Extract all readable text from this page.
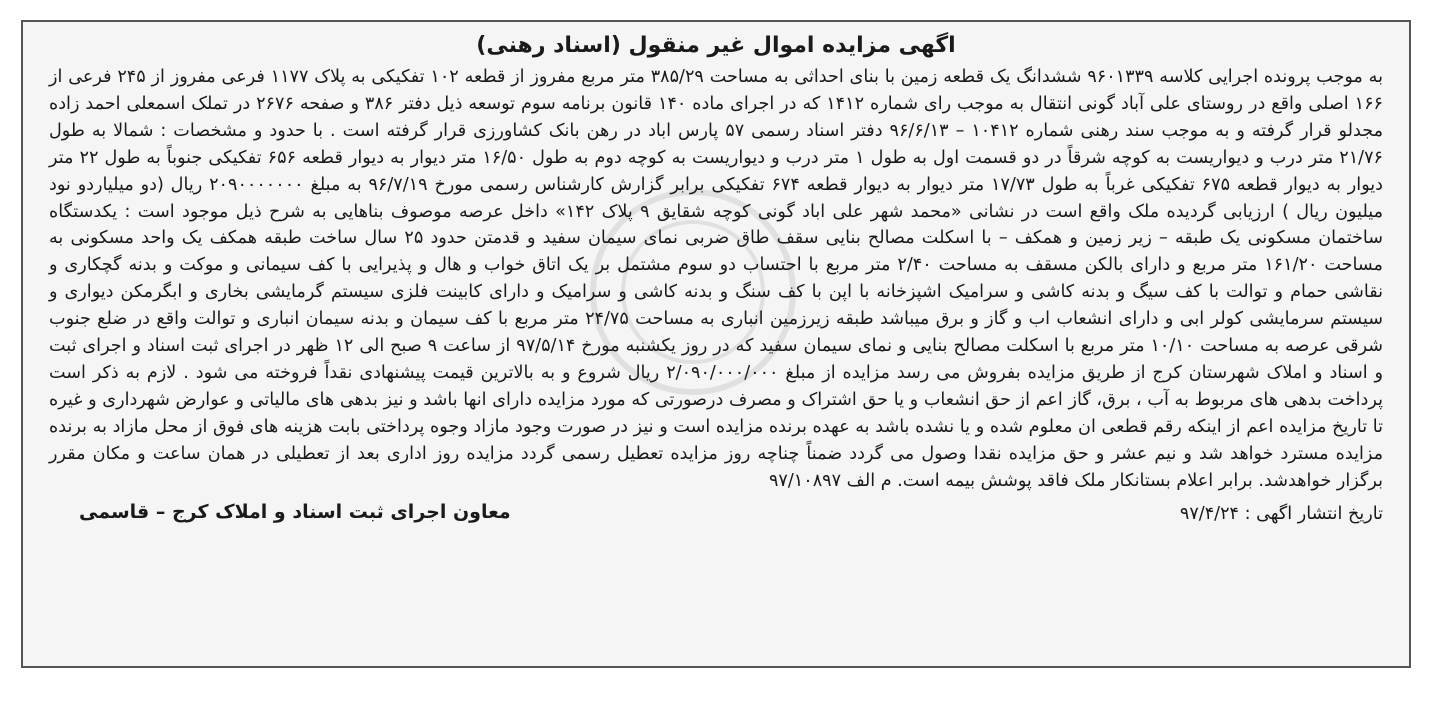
اگهی مزایده اموال غیر منقول (اسناد رهنی)

به موجب پرونده اجرایی کلاسه ۹۶۰۱۳۳۹ ششدانگ یک قطعه زمین با بنای احداثی به مساحت ۳۸۵/۲۹ متر مربع مفروز از قطعه ۱۰۲ تفکیکی به پلاک ۱۱۷۷ فرعی مفروز از ۲۴۵ فرعی از ۱۶۶ اصلی واقع در روستای علی آباد گونی انتقال به موجب رای شماره ۱۴۱۲ که در اجرای ماده ۱۴۰ قانون برنامه سوم توسعه ذیل دفتر ۳۸۶ و صفحه ۲۶۷۶ در تملک اسمعلی احمد زاده مجدلو قرار گرفته و به موجب سند رهنی شماره ۱۰۴۱۲ – ۹۶/۶/۱۳ دفتر اسناد رسمی ۵۷ پارس اباد در رهن بانک کشاورزی قرار گرفته است . با حدود و مشخصات : شمالا به طول ۲۱/۷۶ متر درب و دیواریست به کوچه شرقاً در دو قسمت اول به طول ۱ متر درب و دیواریست به کوچه دوم به طول ۱۶/۵۰ متر دیوار به دیوار قطعه ۶۵۶ تفکیکی جنوباً به طول ۲۲ متر دیوار به دیوار قطعه ۶۷۵ تفکیکی غرباً به طول ۱۷/۷۳ متر دیوار به دیوار قطعه ۶۷۴ تفکیکی برابر گزارش کارشناس رسمی مورخ ۹۶/۷/۱۹ به مبلغ ۲۰۹۰۰۰۰۰۰۰ ریال (دو میلیاردو نود میلیون ریال ) ارزیابی گردیده ملک واقع است در نشانی «محمد شهر علی اباد گونی کوچه شقایق ۹ پلاک ۱۴۲» داخل عرصه موصوف بناهایی به شرح ذیل موجود است : یکدستگاه ساختمان مسکونی یک طبقه – زیر زمین و همکف – با اسکلت مصالح بنایی سقف طاق ضربی نمای سیمان سفید و قدمتن حدود ۲۵ سال ساخت طبقه همکف یک واحد مسکونی به مساحت ۱۶۱/۲۰ متر مربع و دارای بالکن مسقف به مساحت ۲/۴۰ متر مربع با احتساب دو سوم مشتمل بر یک اتاق خواب و هال و پذیرایی با کف سیمانی و موکت و بدنه گچکاری و نقاشی حمام و توالت با کف سیگ و بدنه کاشی و سرامیک اشپزخانه با اپن با کف سنگ و بدنه کاشی و سرامیک و دارای کابینت فلزی سیستم گرمایشی بخاری و ابگرمکن دیواری و سیستم سرمایشی کولر ابی و دارای انشعاب اب و گاز و برق میباشد طبقه زیرزمین انباری به مساحت ۲۴/۷۵ متر مربع با کف سیمان و بدنه سیمان انباری و توالت واقع در ضلع جنوب شرقی عرصه به مساحت ۱۰/۱۰ متر مربع با اسکلت مصالح بنایی و نمای سیمان سفید که در روز یکشنبه مورخ ۹۷/۵/۱۴ از ساعت ۹ صبح الی ۱۲ ظهر در اجرای ثبت اسناد و اجرای ثبت و اسناد و املاک شهرستان کرج از طریق مزایده بفروش می رسد مزایده از مبلغ ۲/۰۹۰/۰۰۰/۰۰۰ ریال شروع و به بالاترین قیمت پیشنهادی نقداً فروخته می شود . لازم به ذکر است پرداخت بدهی های مربوط به آب ، برق، گاز اعم از حق انشعاب و یا حق اشتراک و مصرف درصورتی که مورد مزایده دارای انها باشد و نیز بدهی های مالیاتی و عوارض شهرداری و غیره تا تاریخ مزایده اعم از اینکه رقم قطعی ان معلوم شده و یا نشده باشد به عهده برنده مزایده است و نیز در صورت وجود مازاد وجوه پرداختی بابت هزینه های فوق از محل مازاد به برنده مزایده مسترد خواهد شد و نیم عشر و حق مزایده نقدا وصول می گردد ضمناً چناچه روز مزایده تعطیل رسمی گردد مزایده روز اداری بعد از تعطیلی در همان ساعت و مکان مقرر برگزار خواهدشد. برابر اعلام بستانکار ملک فاقد پوشش بیمه است. م الف ۹۷/۱۰۸۹۷

تاریخ انتشار اگهی : ۹۷/۴/۲۴
معاون اجرای ثبت اسناد و املاک کرج – قاسمی
